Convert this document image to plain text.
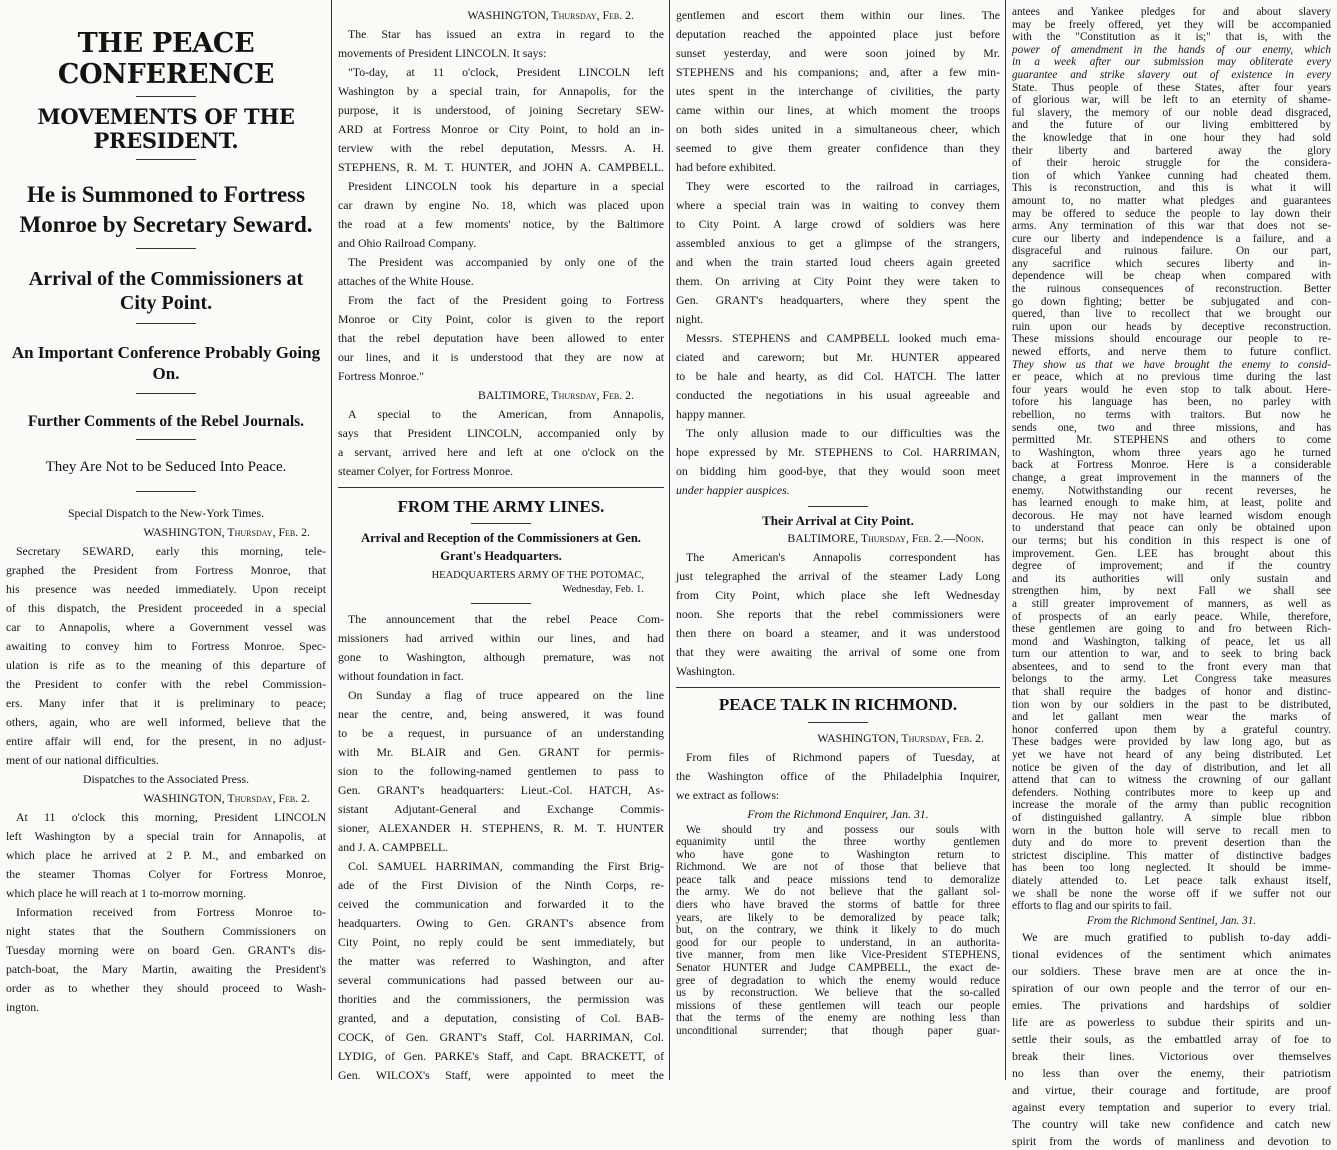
THE PEACE CONFERENCE
MOVEMENTS OF THE PRESIDENT.
He is Summoned to Fortress Monroe by Secretary Seward.
Arrival of the Commissioners at City Point.
An Important Conference Probably Going On.
Further Comments of the Rebel Journals.
They Are Not to be Seduced Into Peace.
Special Dispatch to the New-York Times.
WASHINGTON, Thursday, Feb. 2.
Secretary SEWARD, early this morning, tele-
graphed the President from Fortress Monroe, that
his presence was needed immediately. Upon receipt
of this dispatch, the President proceeded in a special
car to Annapolis, where a Government vessel was
awaiting to convey him to Fortress Monroe. Spec-
ulation is rife as to the meaning of this departure of
the President to confer with the rebel Commission-
ers. Many infer that it is preliminary to peace;
others, again, who are well informed, believe that the
entire affair will end, for the present, in no adjust-
ment of our national difficulties.
Dispatches to the Associated Press.
WASHINGTON, Thursday, Feb. 2.
At 11 o'clock this morning, President LINCOLN
left Washington by a special train for Annapolis, at
which place he arrived at 2 P. M., and embarked on
the steamer Thomas Colyer for Fortress Monroe,
which place he will reach at 1 to-morrow morning.
Information received from Fortress Monroe to-
night states that the Southern Commissioners on
Tuesday morning were on board Gen. GRANT's dis-
patch-boat, the Mary Martin, awaiting the President's
order as to whether they should proceed to Wash-
ington.
WASHINGTON, Thursday, Feb. 2.
The Star has issued an extra in regard to the
movements of President LINCOLN. It says:
"To-day, at 11 o'clock, President LINCOLN left
Washington by a special train, for Annapolis, for the
purpose, it is understood, of joining Secretary SEW-
ARD at Fortress Monroe or City Point, to hold an in-
terview with the rebel deputation, Messrs. A. H.
STEPHENS, R. M. T. HUNTER, and JOHN A. CAMPBELL.
President LINCOLN took his departure in a special
car drawn by engine No. 18, which was placed upon
the road at a few moments' notice, by the Baltimore
and Ohio Railroad Company.
The President was accompanied by only one of the
attaches of the White House.
From the fact of the President going to Fortress
Monroe or City Point, color is given to the report
that the rebel deputation have been allowed to enter
our lines, and it is understood that they are now at
Fortress Monroe."
BALTIMORE, Thursday, Feb. 2.
A special to the American, from Annapolis,
says that President LINCOLN, accompanied only by
a servant, arrived here and left at one o'clock on the
steamer Colyer, for Fortress Monroe.
FROM THE ARMY LINES.
Arrival and Reception of the Commissioners at Gen. Grant's Headquarters.
HEADQUARTERS ARMY OF THE POTOMAC,
Wednesday, Feb. 1.
The announcement that the rebel Peace Com-
missioners had arrived within our lines, and had
gone to Washington, although premature, was not
without foundation in fact.
On Sunday a flag of truce appeared on the line
near the centre, and, being answered, it was found
to be a request, in pursuance of an understanding
with Mr. BLAIR and Gen. GRANT for permis-
sion to the following-named gentlemen to pass to
Gen. GRANT's headquarters: Lieut.-Col. HATCH, As-
sistant Adjutant-General and Exchange Commis-
sioner, ALEXANDER H. STEPHENS, R. M. T. HUNTER
and J. A. CAMPBELL.
Col. SAMUEL HARRIMAN, commanding the First Brig-
ade of the First Division of the Ninth Corps, re-
ceived the communication and forwarded it to the
headquarters. Owing to Gen. GRANT's absence from
City Point, no reply could be sent immediately, but
the matter was referred to Washington, and after
several communications had passed between our au-
thorities and the commissioners, the permission was
granted, and a deputation, consisting of Col. BAB-
COCK, of Gen. GRANT's Staff, Col. HARRIMAN, Col.
LYDIG, of Gen. PARKE's Staff, and Capt. BRACKETT, of
Gen. WILCOX's Staff, were appointed to meet the
gentlemen and escort them within our lines. The
deputation reached the appointed place just before
sunset yesterday, and were soon joined by Mr.
STEPHENS and his companions; and, after a few min-
utes spent in the interchange of civilities, the party
came within our lines, at which moment the troops
on both sides united in a simultaneous cheer, which
seemed to give them greater confidence than they
had before exhibited.
They were escorted to the railroad in carriages,
where a special train was in waiting to convey them
to City Point. A large crowd of soldiers was here
assembled anxious to get a glimpse of the strangers,
and when the train started loud cheers again greeted
them. On arriving at City Point they were taken to
Gen. GRANT's headquarters, where they spent the
night.
Messrs. STEPHENS and CAMPBELL looked much ema-
ciated and careworn; but Mr. HUNTER appeared
to be hale and hearty, as did Col. HATCH. The latter
conducted the negotiations in his usual agreeable and
happy manner.
The only allusion made to our difficulties was the
hope expressed by Mr. STEPHENS to Col. HARRIMAN,
on bidding him good-bye, that they would soon meet
under happier auspices.
Their Arrival at City Point.
BALTIMORE, Thursday, Feb. 2.—Noon.
The American's Annapolis correspondent has
just telegraphed the arrival of the steamer Lady Long
from City Point, which place she left Wednesday
noon. She reports that the rebel commissioners were
then there on board a steamer, and it was understood
that they were awaiting the arrival of some one from
Washington.
PEACE TALK IN RICHMOND.
WASHINGTON, Thursday, Feb. 2.
From files of Richmond papers of Tuesday, at
the Washington office of the Philadelphia Inquirer,
we extract as follows:
From the Richmond Enquirer, Jan. 31.
We should try and possess our souls with
equanimity until the three worthy gentlemen
who have gone to Washington return to
Richmond. We are not of those that believe that
peace talk and peace missions tend to demoralize
the army. We do not believe that the gallant sol-
diers who have braved the storms of battle for three
years, are likely to be demoralized by peace talk;
but, on the contrary, we think it likely to do much
good for our people to understand, in an authorita-
tive manner, from men like Vice-President STEPHENS,
Senator HUNTER and Judge CAMPBELL, the exact de-
gree of degradation to which the enemy would reduce
us by reconstruction. We believe that the so-called
missions of these gentlemen will teach our people
that the terms of the enemy are nothing less than
unconditional surrender; that though paper guar-
antees and Yankee pledges for and about slavery
may be freely offered, yet they will be accompanied
with the "Constitution as it is;" that is, with the
power of amendment in the hands of our enemy, which
in a week after our submission may obliterate every
guarantee and strike slavery out of existence in every
State. Thus people of these States, after four years
of glorious war, will be left to an eternity of shame-
ful slavery, the memory of our noble dead disgraced,
and the future of our living embittered by
the knowledge that in one hour they had sold
their liberty and bartered away the glory
of their heroic struggle for the considera-
tion of which Yankee cunning had cheated them.
This is reconstruction, and this is what it will
amount to, no matter what pledges and guarantees
may be offered to seduce the people to lay down their
arms. Any termination of this war that does not se-
cure our liberty and independence is a failure, and a
disgraceful and ruinous failure. On our part,
any sacrifice which secures liberty and in-
dependence will be cheap when compared with
the ruinous consequences of reconstruction. Better
go down fighting; better be subjugated and con-
quered, than live to recollect that we brought our
ruin upon our heads by deceptive reconstruction.
These missions should encourage our people to re-
newed efforts, and nerve them to future conflict.
They show us that we have brought the enemy to consid-
er peace, which at no previous time during the last
four years would he even stop to talk about. Here-
tofore his language has been, no parley with
rebellion, no terms with traitors. But now he
sends one, two and three missions, and has
permitted Mr. STEPHENS and others to come
to Washington, whom three years ago he turned
back at Fortress Monroe. Here is a considerable
change, a great improvement in the manners of the
enemy. Notwithstanding our recent reverses, he
has learned enough to make him, at least, polite and
decorous. He may not have learned wisdom enough
to understand that peace can only be obtained upon
our terms; but his condition in this respect is one of
improvement. Gen. LEE has brought about this
degree of improvement; and if the country
and its authorities will only sustain and
strengthen him, by next Fall we shall see
a still greater improvement of manners, as well as
of prospects of an early peace. While, therefore,
these gentlemen are going to and fro between Rich-
mond and Washington, talking of peace, let us all
turn our attention to war, and to seek to bring back
absentees, and to send to the front every man that
belongs to the army. Let Congress take measures
that shall require the badges of honor and distinc-
tion won by our soldiers in the past to be distributed,
and let gallant men wear the marks of
honor conferred upon them by a grateful country.
These badges were provided by law long ago, but as
yet we have not heard of any being distributed. Let
notice be given of the day of distribution, and let all
attend that can to witness the crowning of our gallant
defenders. Nothing contributes more to keep up and
increase the morale of the army than public recognition
of distinguished gallantry. A simple blue ribbon
worn in the button hole will serve to recall men to
duty and do more to prevent desertion than the
strictest discipline. This matter of distinctive badges
has been too long neglected. It should be imme-
diately attended to. Let peace talk exhaust itself,
we shall be none the worse off if we suffer not our
efforts to flag and our spirits to fail.
From the Richmond Sentinel, Jan. 31.
We are much gratified to publish to-day addi-
tional evidences of the sentiment which animates
our soldiers. These brave men are at once the in-
spiration of our own people and the terror of our en-
emies. The privations and hardships of soldier
life are as powerless to subdue their spirits and un-
settle their souls, as the embattled array of foe to
break their lines. Victorious over themselves
no less than over the enemy, their patriotism
and virtue, their courage and fortitude, are proof
against every temptation and superior to every trial.
The country will take new confidence and catch new
spirit from the words of manliness and devotion to
